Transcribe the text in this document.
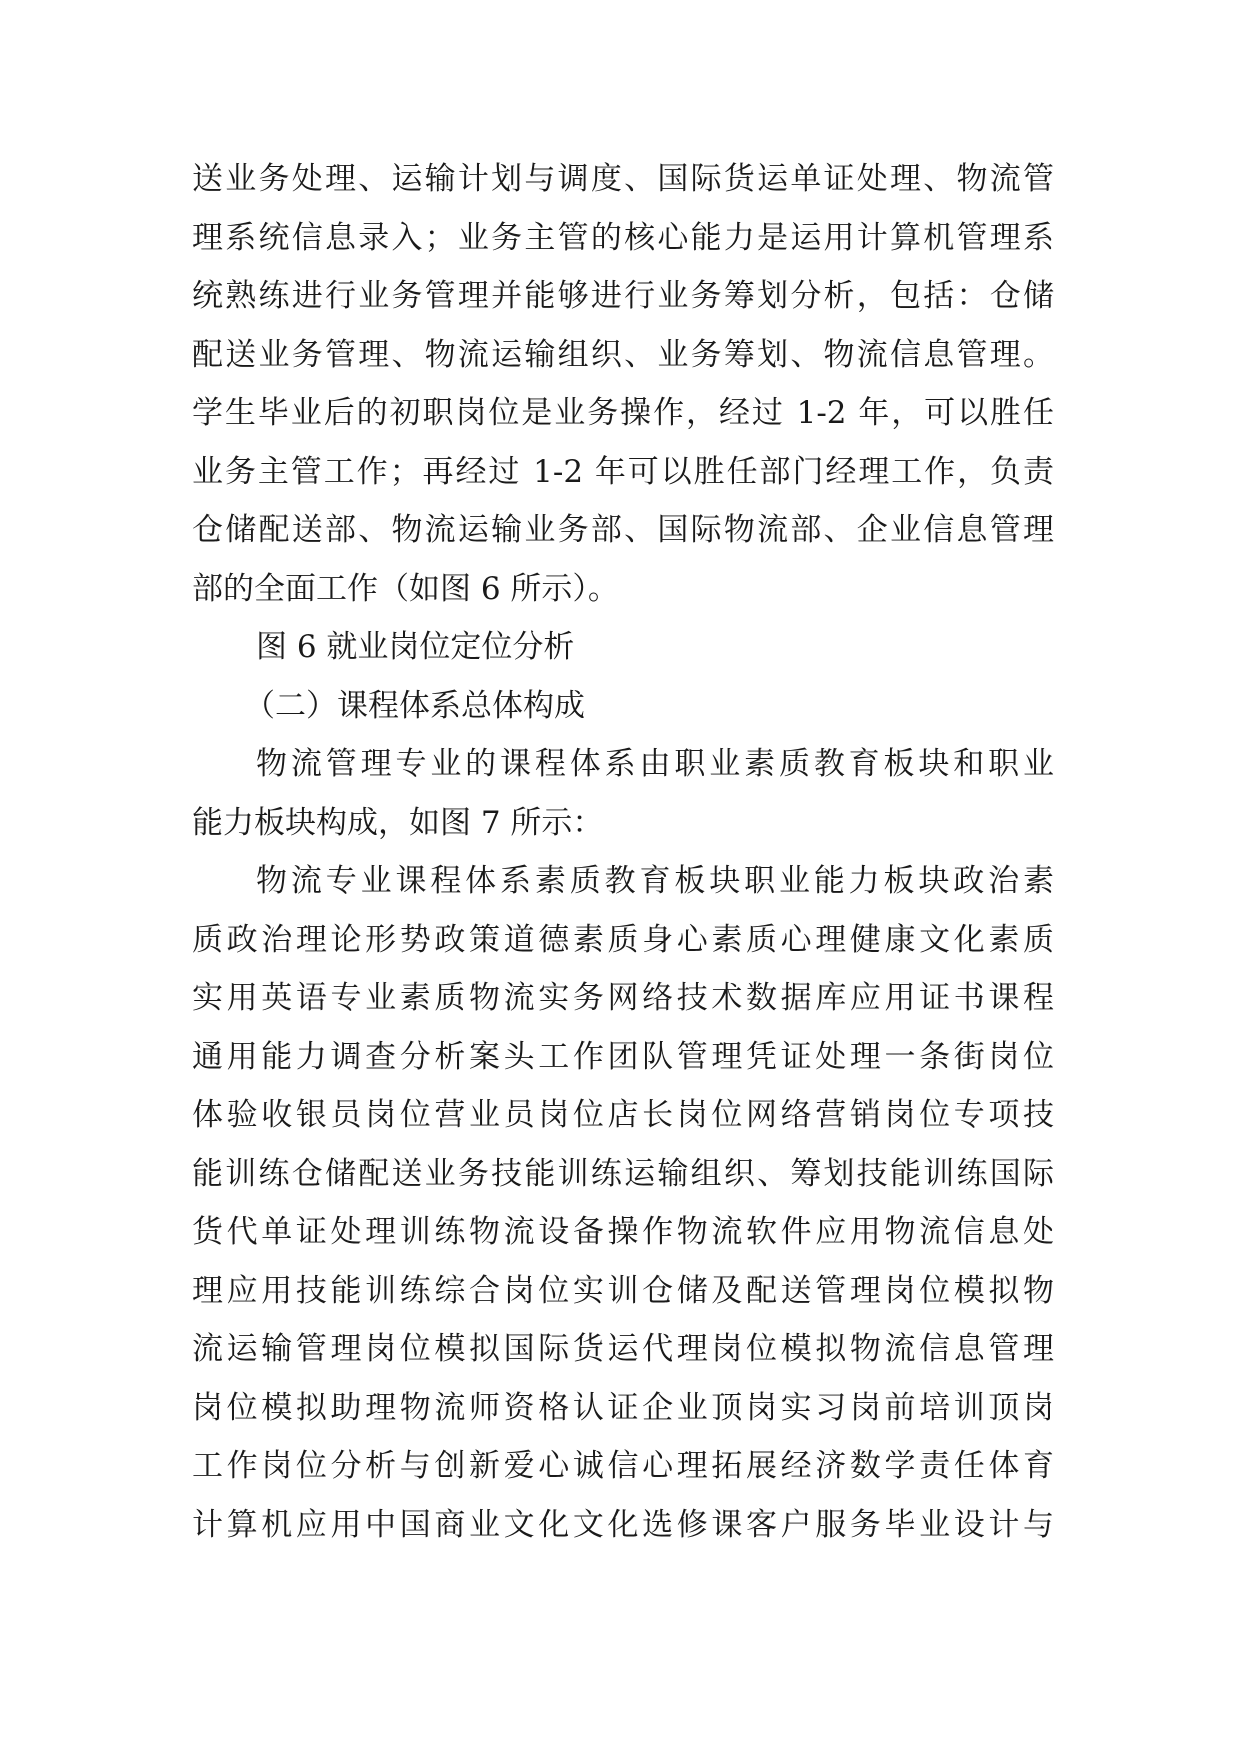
送业务处理、运输计划与调度、国际货运单证处理、物流管
理系统信息录入；业务主管的核心能力是运用计算机管理系
统熟练进行业务管理并能够进行业务筹划分析，包括：仓储
配送业务管理、物流运输组织、业务筹划、物流信息管理。
学生毕业后的初职岗位是业务操作，经过 1-2 年，可以胜任
业务主管工作；再经过 1-2 年可以胜任部门经理工作，负责
仓储配送部、物流运输业务部、国际物流部、企业信息管理
部的全面工作（如图 6 所示）。
图 6 就业岗位定位分析
（二）课程体系总体构成
物流管理专业的课程体系由职业素质教育板块和职业
能力板块构成，如图 7 所示：
物流专业课程体系素质教育板块职业能力板块政治素
质政治理论形势政策道德素质身心素质心理健康文化素质
实用英语专业素质物流实务网络技术数据库应用证书课程
通用能力调查分析案头工作团队管理凭证处理一条街岗位
体验收银员岗位营业员岗位店长岗位网络营销岗位专项技
能训练仓储配送业务技能训练运输组织、筹划技能训练国际
货代单证处理训练物流设备操作物流软件应用物流信息处
理应用技能训练综合岗位实训仓储及配送管理岗位模拟物
流运输管理岗位模拟国际货运代理岗位模拟物流信息管理
岗位模拟助理物流师资格认证企业顶岗实习岗前培训顶岗
工作岗位分析与创新爱心诚信心理拓展经济数学责任体育
计算机应用中国商业文化文化选修课客户服务毕业设计与
